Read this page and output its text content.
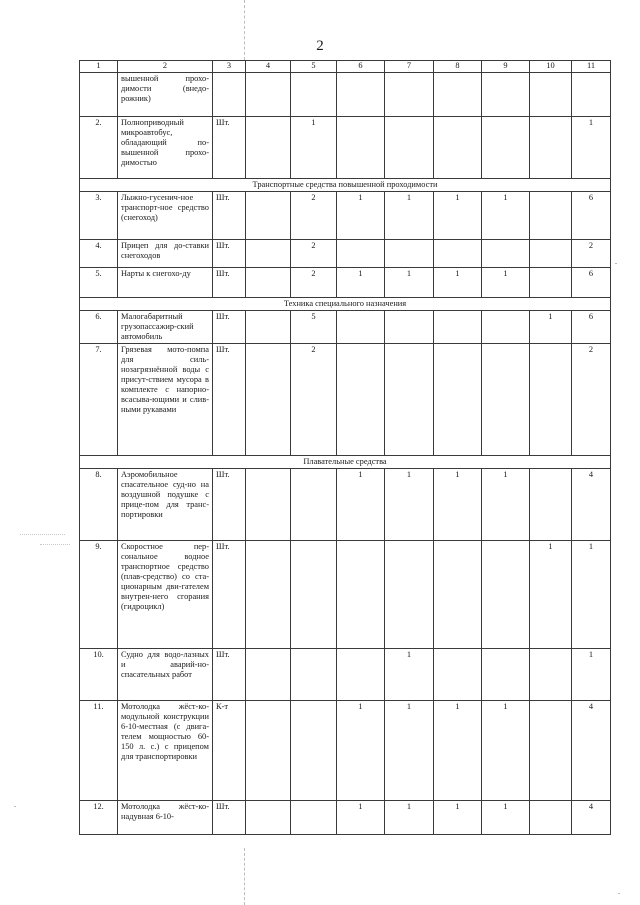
2
1	2	3	4	5	6	7	8	9	10	11
	вышенной прохо-димости (внедо-рожник)									
2.	Полноприводный микроавтобус, обладающий по-вышенной прохо-димостью	Шт.		1						1
Транспортные средства повышенной проходимости										
3.	Лыжно-гусенич-ное транспорт-ное средство (снегоход)	Шт.		2	1	1	1	1		6
4.	Прицеп для до-ставки снегоходов	Шт.		2						2
5.	Нарты к снегохо-ду	Шт.		2	1	1	1	1		6
Техника специального назначения										
6.	Малогабаритный грузопассажир-ский автомобиль	Шт.		5					1	6
7.	Грязевая мото-помпа для силь-нозагрязнённой воды с присут-ствием мусора в комплекте с напорно-всасыва-ющими и слив-ными рукавами	Шт.		2						2
Плавательные средства										
8.	Аэромобильное спасательное суд-но на воздушной подушке с прице-пом для транс-портировки	Шт.			1	1	1	1		4
9.	Скоростное пер-сональное водное транспортное средство (плав-средство) со ста-ционарным дви-гателем внутрен-него сгорания (гидроцикл)	Шт.							1	1
10.	Судно для водо-лазных и аварий-но-спасательных работ	Шт.				1				1
11.	Мотолодка жёст-ко-модульной конструкции 6-10-местная (с двига-телем мощностью 60-150 л. с.) с прицепом для транспортировки	К-т			1	1	1	1		4
12.	Мотолодка жёст-ко-надувная 6-10-	Шт.			1	1	1	1		4
